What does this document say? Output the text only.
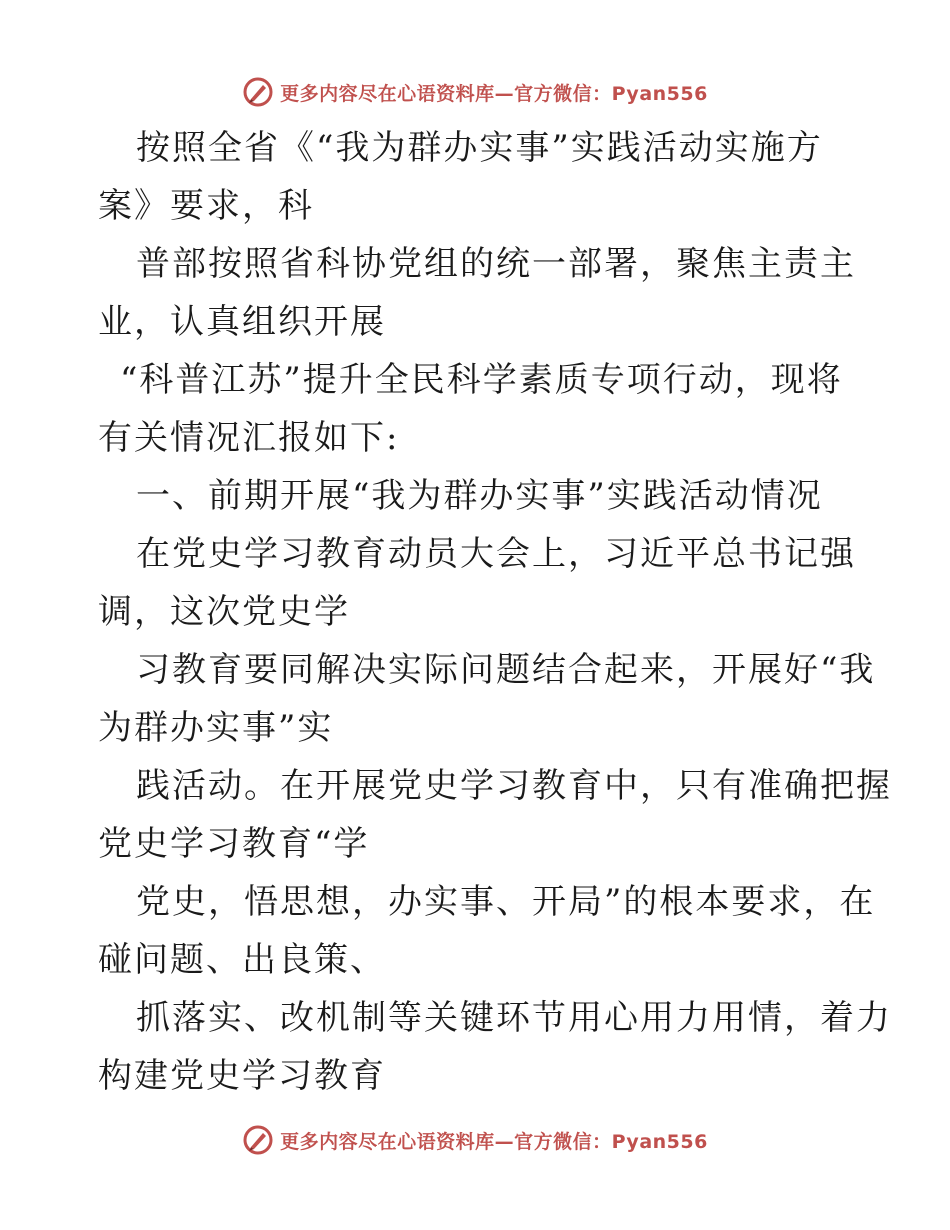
更多内容尽在心语资料库—官方微信：Pyan556
按照全省《“我为群办实事”实践活动实施方
案》要求，科
普部按照省科协党组的统一部署，聚焦主责主
业，认真组织开展
“科普江苏”提升全民科学素质专项行动，现将
有关情况汇报如下:
一、前期开展“我为群办实事”实践活动情况
在党史学习教育动员大会上，习近平总书记强
调，这次党史学
习教育要同解决实际问题结合起来，开展好“我
为群办实事”实
践活动。在开展党史学习教育中，只有准确把握
党史学习教育“学
党史，悟思想，办实事、开局”的根本要求，在
碰问题、出良策、
抓落实、改机制等关键环节用心用力用情，着力
构建党史学习教育
更多内容尽在心语资料库—官方微信：Pyan556
